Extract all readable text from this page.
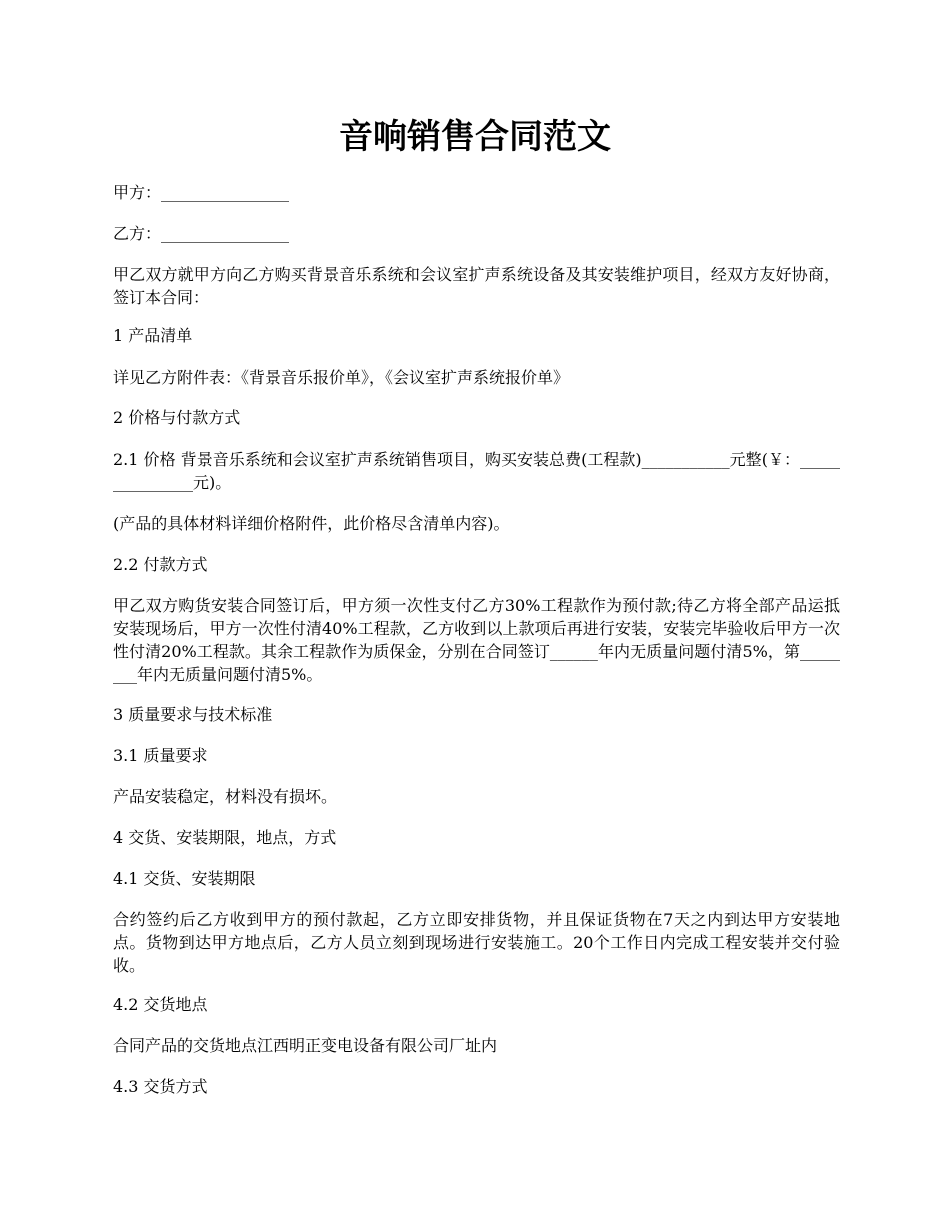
音响销售合同范文

甲方：________________

乙方：________________

甲乙双方就甲方向乙方购买背景音乐系统和会议室扩声系统设备及其安装维护项目，经双方友好协商，签订本合同：

1 产品清单

详见乙方附件表：《背景音乐报价单》，《会议室扩声系统报价单》

2 价格与付款方式

2.1 价格 背景音乐系统和会议室扩声系统销售项目，购买安装总费(工程款)___________元整(￥：_______________元)。

(产品的具体材料详细价格附件，此价格尽含清单内容)。

2.2 付款方式

甲乙双方购货安装合同签订后，甲方须一次性支付乙方30%工程款作为预付款;待乙方将全部产品运抵安装现场后，甲方一次性付清40%工程款，乙方收到以上款项后再进行安装，安装完毕验收后甲方一次性付清20%工程款。其余工程款作为质保金，分别在合同签订______年内无质量问题付清5%，第________年内无质量问题付清5%。

3 质量要求与技术标准

3.1 质量要求

产品安装稳定，材料没有损坏。

4 交货、安装期限，地点，方式

4.1 交货、安装期限

合约签约后乙方收到甲方的预付款起，乙方立即安排货物，并且保证货物在7天之内到达甲方安装地点。货物到达甲方地点后，乙方人员立刻到现场进行安装施工。20个工作日内完成工程安装并交付验收。

4.2 交货地点

合同产品的交货地点江西明正变电设备有限公司厂址内

4.3 交货方式
